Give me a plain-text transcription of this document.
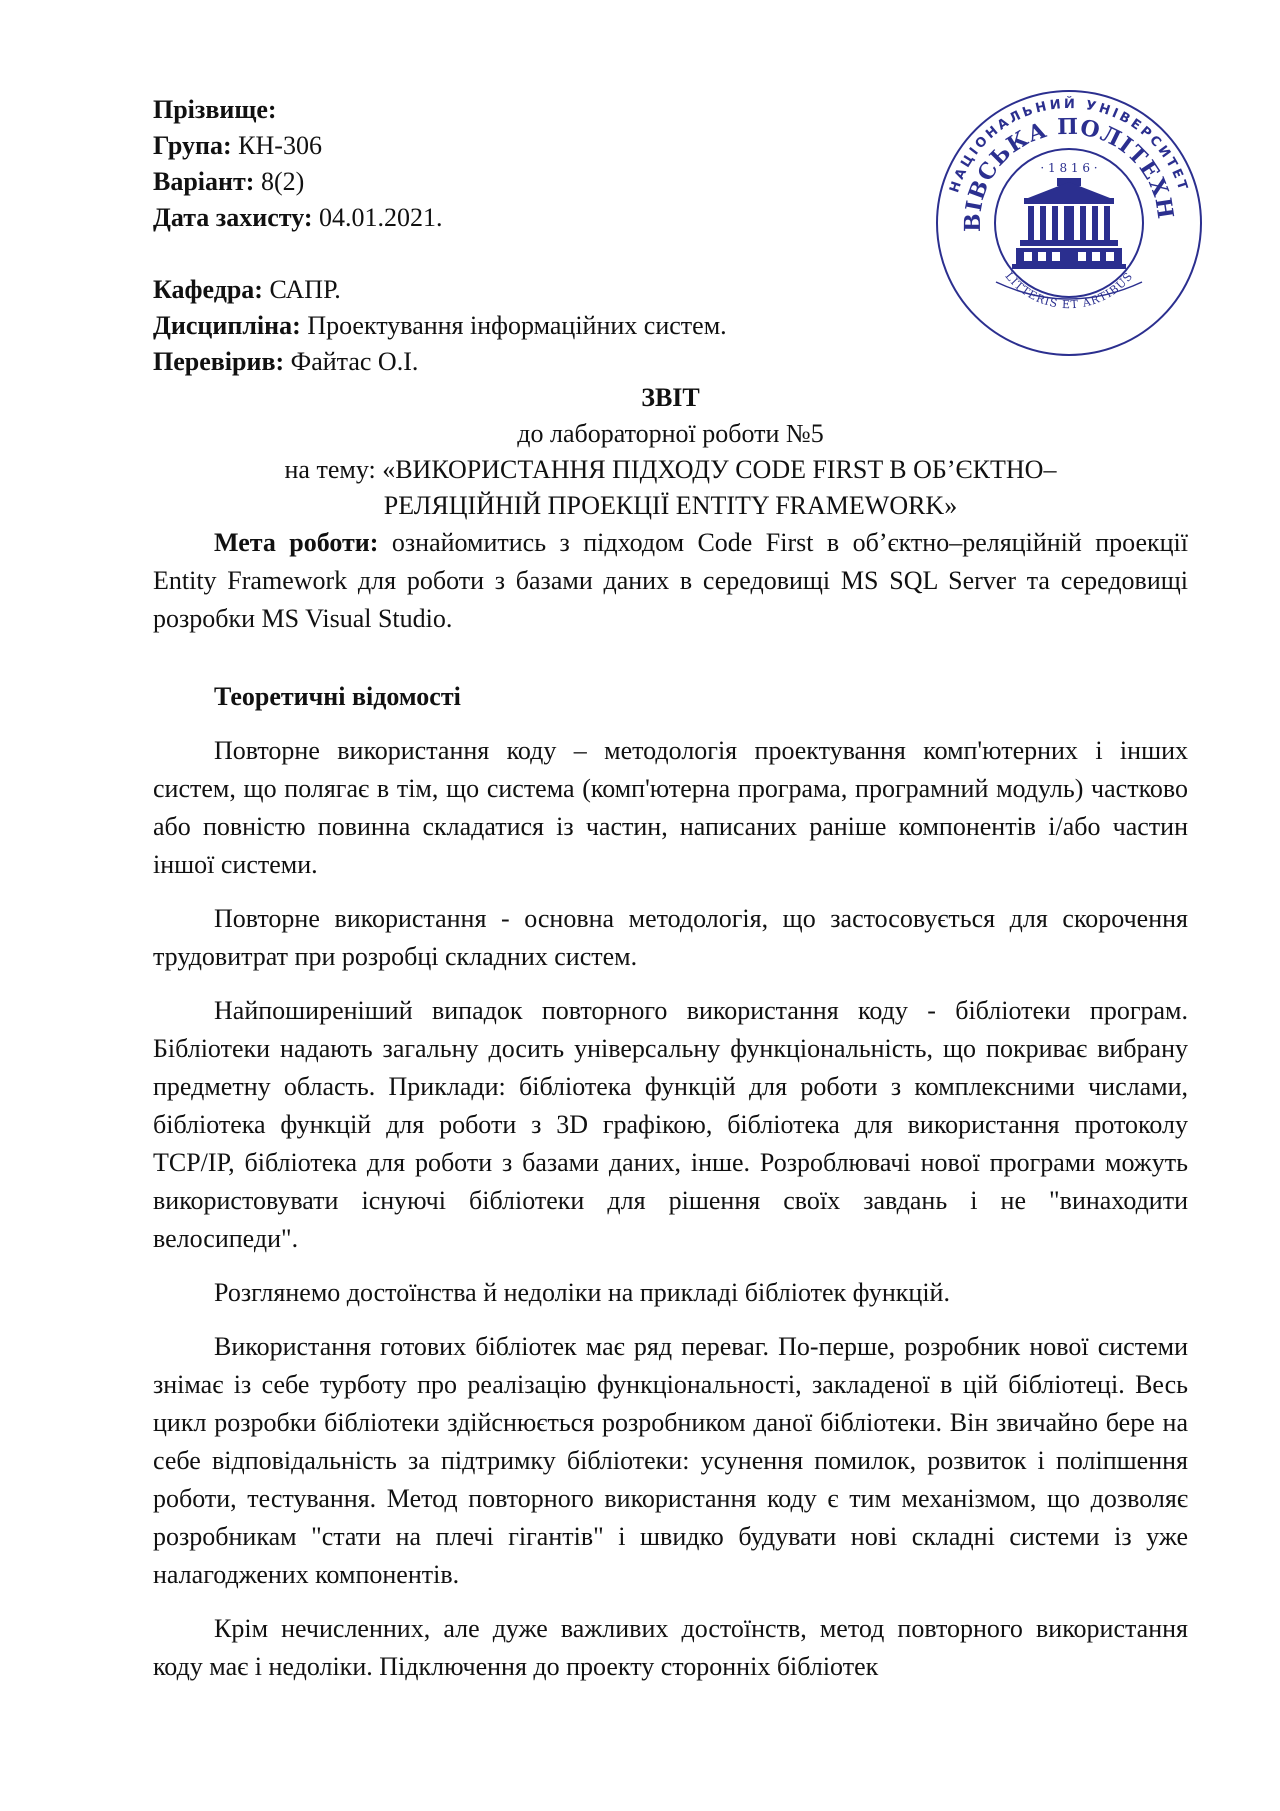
НАЦІОНАЛЬНИЙ УНІВЕРСИТЕТ
ВІВСЬКА ПОЛІТЕХН
· 1 8 1 6 ·
LITTERIS ET ARTIBUS

Прізвище:

Група: КН-306

Варіант: 8(2)

Дата захисту: 04.01.2021.

Кафедра: САПР.

Дисципліна: Проектування інформаційних систем.

Перевірив: Файтас О.І.

ЗВІТ

до лабораторної роботи №5

на тему: «ВИКОРИСТАННЯ ПІДХОДУ CODE FIRST В ОБ’ЄКТНО–

РЕЛЯЦІЙНІЙ ПРОЕКЦІЇ ENTITY FRAMEWORK»

Мета роботи: ознайомитись з підходом Code First в об’єктно–реляційній проекції Entity Framework для роботи з базами даних в середовищі MS SQL Server та середовищі розробки MS Visual Studio.

Теоретичні відомості

Повторне використання коду – методологія проектування комп'ютерних і інших систем, що полягає в тім, що система (комп'ютерна програма, програмний модуль) частково або повністю повинна складатися із частин, написаних раніше компонентів і/або частин іншої системи.

Повторне використання - основна методологія, що застосовується для скорочення трудовитрат при розробці складних систем.

Найпоширеніший випадок повторного використання коду - бібліотеки програм. Бібліотеки надають загальну досить універсальну функціональність, що покриває вибрану предметну область. Приклади: бібліотека функцій для роботи з комплексними числами, бібліотека функцій для роботи з 3D графікою, бібліотека для використання протоколу TCP/IP, бібліотека для роботи з базами даних, інше. Розроблювачі нової програми можуть використовувати існуючі бібліотеки для рішення своїх завдань і не "винаходити велосипеди".

Розглянемо достоїнства й недоліки на прикладі бібліотек функцій.

Використання готових бібліотек має ряд переваг. По-перше, розробник нової системи знімає із себе турботу про реалізацію функціональності, закладеної в цій бібліотеці. Весь цикл розробки бібліотеки здійснюється розробником даної бібліотеки. Він звичайно бере на себе відповідальність за підтримку бібліотеки: усунення помилок, розвиток і поліпшення роботи, тестування. Метод повторного використання коду є тим механізмом, що дозволяє розробникам "стати на плечі гігантів" і швидко будувати нові складні системи із уже налагоджених компонентів.

Крім нечисленних, але дуже важливих достоїнств, метод повторного використання коду має і недоліки. Підключення до проекту сторонніх бібліотек
